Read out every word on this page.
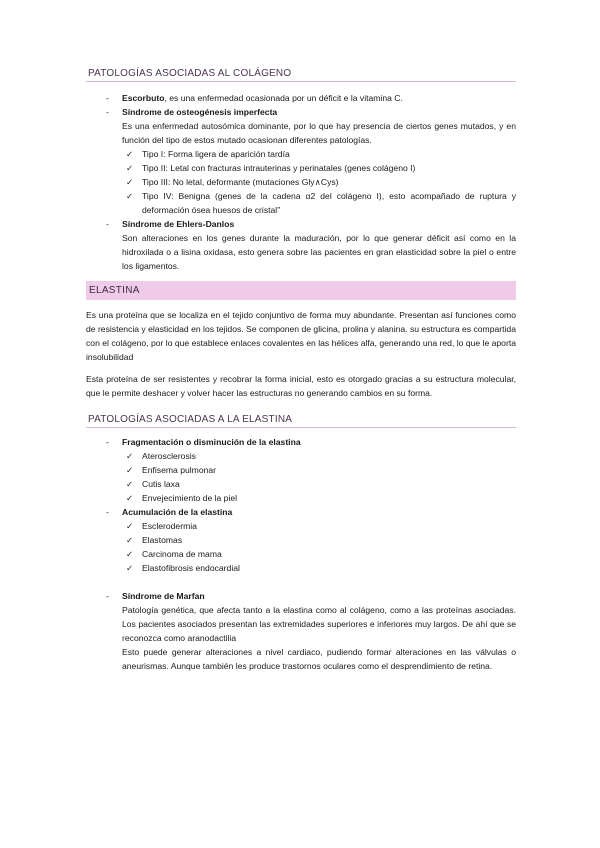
PATOLOGÍAS ASOCIADAS AL COLÁGENO
- Escorbuto, es una enfermedad ocasionada por un déficit e la vitamina C.
- Síndrome de osteogénesis imperfecta
Es una enfermedad autosómica dominante, por lo que hay presencia de ciertos genes mutados, y en función del tipo de estos mutado ocasionan diferentes patologías.
✓ Tipo I: Forma ligera de aparición tardía
✓ Tipo II: Letal con fracturas intrauterinas y perinatales (genes colágeno I)
✓ Tipo III: No letal, deformante (mutaciones Gly∧Cys)
✓ Tipo IV: Benigna (genes de la cadena α2 del colágeno I), esto acompañado de ruptura y deformación ósea huesos de cristal”
- Síndrome de Ehlers-Danlos
Son alteraciones en los genes durante la maduración, por lo que generar déficit así como en la hidroxilada o a lisina oxidasa, esto genera sobre las pacientes en gran elasticidad sobre la piel o entre los ligamentos.
ELASTINA

Es una proteína que se localiza en el tejido conjuntivo de forma muy abundante. Presentan así funciones como de resistencia y elasticidad en los tejidos. Se componen de glicina, prolina y alanina. su estructura es compartida con el colágeno, por lo que establece enlaces covalentes en las hélices alfa, generando una red, lo que le aporta insolubilidad

Esta proteína de ser resistentes y recobrar la forma inicial, esto es otorgado gracias a su estructura molecular, que le permite deshacer y volver hacer las estructuras no generando cambios en su forma.

PATOLOGÍAS ASOCIADAS A LA ELASTINA
- Fragmentación o disminución de la elastina
✓ Aterosclerosis
✓ Enfisema pulmonar
✓ Cutis laxa
✓ Envejecimiento de la piel
- Acumulación de la elastina
✓ Esclerodermia
✓ Elastomas
✓ Carcinoma de mama
✓ Elastofibrosis endocardial
- Síndrome de Marfan
Patología genética, que afecta tanto a la elastina como al colágeno, como a las proteínas asociadas. Los pacientes asociados presentan las extremidades superiores e inferiores muy largos. De ahí que se reconozca como aranodactilia
Esto puede generar alteraciones a nivel cardiaco, pudiendo formar alteraciones en las válvulas o aneurismas. Aunque también les produce trastornos oculares como el desprendimiento de retina.
